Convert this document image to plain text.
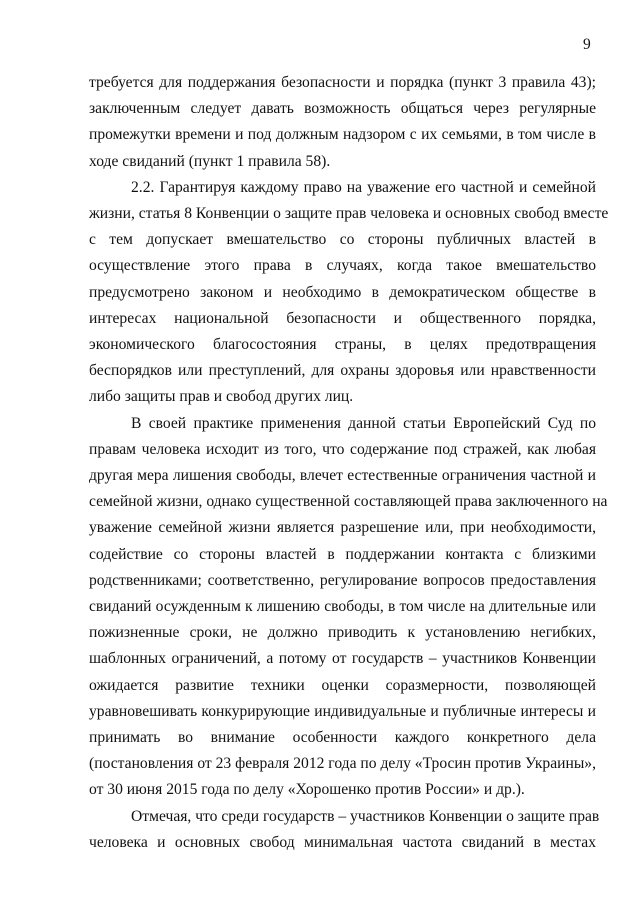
9

требуется для поддержания безопасности и порядка (пункт 3 правила 43);
заключенным следует давать возможность общаться через регулярные
промежутки времени и под должным надзором с их семьями, в том числе в
ходе свиданий (пункт 1 правила 58).

2.2. Гарантируя каждому право на уважение его частной и семейной
жизни, статья 8 Конвенции о защите прав человека и основных свобод вместе
с тем допускает вмешательство со стороны публичных властей в
осуществление этого права в случаях, когда такое вмешательство
предусмотрено законом и необходимо в демократическом обществе в
интересах национальной безопасности и общественного порядка,
экономического благосостояния страны, в целях предотвращения
беспорядков или преступлений, для охраны здоровья или нравственности
либо защиты прав и свобод других лиц.

В своей практике применения данной статьи Европейский Суд по
правам человека исходит из того, что содержание под стражей, как любая
другая мера лишения свободы, влечет естественные ограничения частной и
семейной жизни, однако существенной составляющей права заключенного на
уважение семейной жизни является разрешение или, при необходимости,
содействие со стороны властей в поддержании контакта с близкими
родственниками; соответственно, регулирование вопросов предоставления
свиданий осужденным к лишению свободы, в том числе на длительные или
пожизненные сроки, не должно приводить к установлению негибких,
шаблонных ограничений, а потому от государств – участников Конвенции
ожидается развитие техники оценки соразмерности, позволяющей
уравновешивать конкурирующие индивидуальные и публичные интересы и
принимать во внимание особенности каждого конкретного дела
(постановления от 23 февраля 2012 года по делу «Тросин против Украины»,
от 30 июня 2015 года по делу «Хорошенко против России» и др.).

Отмечая, что среди государств – участников Конвенции о защите прав
человека и основных свобод минимальная частота свиданий в местах
